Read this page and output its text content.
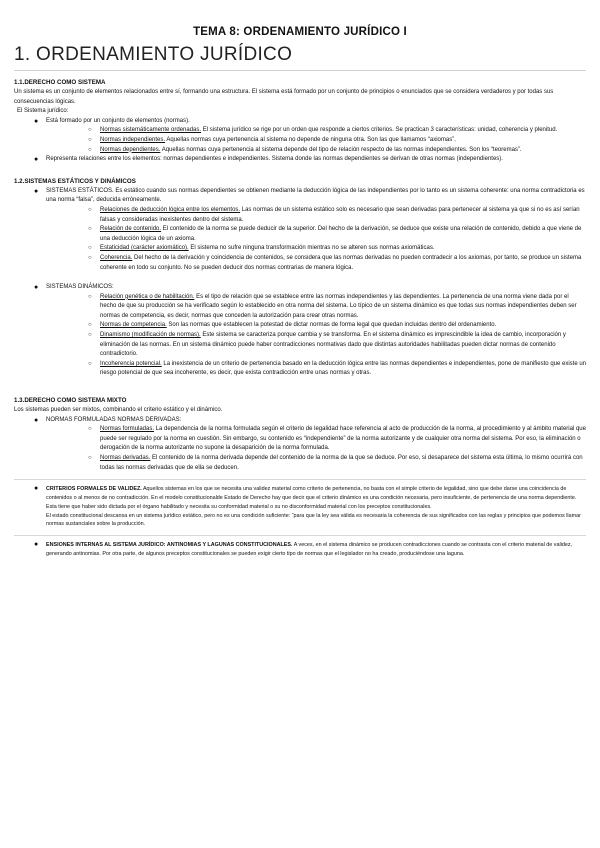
TEMA 8: ORDENAMIENTO JURÍDICO I
1. ORDENAMIENTO JURÍDICO
1.1.DERECHO COMO SISTEMA

Un sistema es un conjunto de elementos relacionados entre sí, formando una estructura. El sistema está formado por un conjunto de principios o enunciados que se considera verdaderos y por todas sus consecuencias lógicas.

El Sistema jurídico:

● Está formado por un conjunto de elementos (normas).
○ Normas sistemáticamente ordenadas. El sistema jurídico se rige por un orden que responde a ciertos criterios. Se practican 3 características: unidad, coherencia y plenitud.
○ Normas independientes. Aquellas normas cuya pertenencia al sistema no depende de ninguna otra. Son las que llamamos “axiomas”.
○ Normas dependientes. Aquellas normas cuya pertenencia al sistema depende del tipo de relación respecto de las normas independientes. Son los “teoremas”.
● Representa relaciones entre los elementos: normas dependientes e independientes. Sistema donde las normas dependientes se derivan de otras normas (independientes).
1.2.SISTEMAS ESTÁTICOS Y DINÁMICOS
● SISTEMAS ESTÁTICOS. Es estático cuando sus normas dependientes se obtienen mediante la deducción lógica de las independientes por lo tanto es un sistema coherente: una norma contradictoria es una norma “falsa”, deducida erróneamente.
○ Relaciones de deducción lógica entre los elementos. Las normas de un sistema estático solo es necesario que sean derivadas para pertenecer al sistema ya que si no es así serían falsas y consideradas inexistentes dentro del sistema.
○ Relación de contenido. El contenido de la norma se puede deducir de la superior. Del hecho de la derivación, se deduce que existe una relación de contenido, debido a que viene de una deducción lógica de un axioma.
○ Estaticidad (carácter axiomático). El sistema no sufre ninguna transformación mientras no se alteren sus normas axiomáticas.
○ Coherencia. Del hecho de la derivación y coincidencia de contenidos, se considera que las normas derivadas no pueden contradecir a los axiomas, por tanto, se produce un sistema coherente en todo su conjunto. No se pueden deducir dos normas contrarias de manera lógica.
● SISTEMAS DINÁMICOS:
○ Relación genética o de habilitación. Es el tipo de relación que se establece entre las normas independientes y las dependientes. La pertenencia de una norma viene dada por el hecho de que su producción se ha verificado según lo establecido en otra norma del sistema. Lo típico de un sistema dinámico es que todas sus normas independientes deben ser normas de competencia, es decir, normas que conceden la autorización para crear otras normas.
○ Normas de competencia. Son las normas que establecen la potestad de dictar normas de forma legal que quedan incluidas dentro del ordenamiento.
○ Dinamismo (modificación de normas). Este sistema se caracteriza porque cambia y se transforma. En el sistema dinámico es imprescindible la idea de cambio, incorporación y eliminación de las normas. En un sistema dinámico puede haber contradicciones normativas dado que distintas autoridades habilitadas pueden dictar normas de contenido contradictorio.
○ Incoherencia potencial. La inexistencia de un criterio de pertenencia basado en la deducción lógica entre las normas dependientes e independientes, pone de manifiesto que existe un riesgo potencial de que sea incoherente, es decir, que exista contradicción entre unas normas y otras.
1.3.DERECHO COMO SISTEMA MIXTO

Los sistemas pueden ser mixtos, combinando el criterio estático y el dinámico.

● NORMAS FORMULADAS NORMAS DERIVADAS:
○ Normas formuladas. La dependencia de la norma formulada según el criterio de legalidad hace referencia al acto de producción de la norma, al procedimiento y al ámbito material que puede ser regulado por la norma en cuestión. Sin embargo, su contenido es “independiente” de la norma autorizante y de cualquier otra norma del sistema. Por eso, la eliminación o derogación de la norma autorizante no supone la desaparición de la norma formulada.
○ Normas derivadas. El contenido de la norma derivada depende del contenido de la norma de la que se deduce. Por eso, si desaparece del sistema esta última, lo mismo ocurrirá con todas las normas derivadas que de ella se deducen.
● CRITERIOS FORMALES DE VALIDEZ. Aquellos sistemas en los que se necesita una validez material como criterio de pertenencia, no basta con el simple criterio de legalidad, sino que debe darse una coincidencia de contenidos o al menos de no contradicción. En el modelo constitucionalde Estado de Derecho hay que decir que el criterio dinámico es una condición necesaria, pero insuficiente, de pertenencia de una norma dependiente. Esta tiene que haber sido dictada por el órgano habilitado y necesita su conformidad material o su no disconformidad material con los preceptos constitucionales.
El estado constitucional descansa en un sistema jurídico estático, pero no es una condición suficiente: “para que la ley sea válida es necesaria la coherencia de sus significados con las reglas y principios que podemos llamar normas sustanciales sobre la producción.
● ENSIONES INTERNAS AL SISTEMA JURÍDICO: ANTINOMIAS Y LAGUNAS CONSTITUCIONALES. A veces, en el sistema dinámico se producen contradicciones cuando se contrasta con el criterio material de validez, generando antinomias. Por otra parte, de algunos preceptos constitucionales se pueden exigir cierto tipo de normas que el legislador no ha creado, produciéndose una laguna.
